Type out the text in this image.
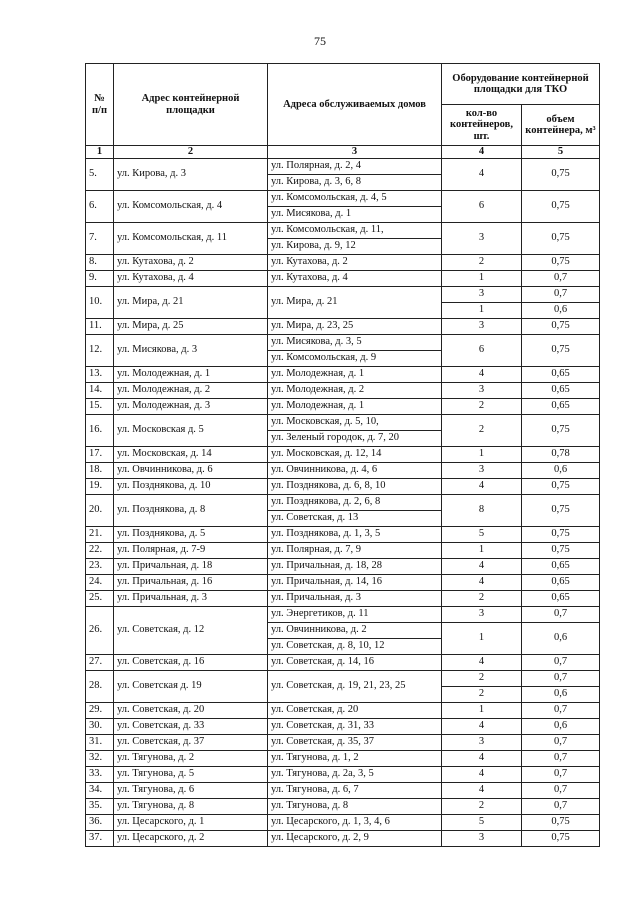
75
№ п/п	Адрес контейнерной площадки	Адреса обслуживаемых домов	Оборудование контейнерной площадки для ТКО	
			кол-во контейнеров, шт.	объем контейнера, м³
1	2	3	4	5
5.	ул. Кирова, д. 3	ул. Полярная, д. 2, 4	4	0,75
		ул. Кирова, д. 3, 6, 8		
6.	ул. Комсомольская, д. 4	ул. Комсомольская, д. 4, 5	6	0,75
		ул. Мисякова, д. 1		
7.	ул. Комсомольская, д. 11	ул. Комсомольская, д. 11,	3	0,75
		ул. Кирова, д. 9, 12		
8.	ул. Кутахова, д. 2	ул. Кутахова, д. 2	2	0,75
9.	ул. Кутахова, д. 4	ул. Кутахова, д. 4	1	0,7
10.	ул. Мира, д. 21	ул. Мира, д. 21	3	0,7
			1	0,6
11.	ул. Мира, д. 25	ул. Мира, д. 23, 25	3	0,75
12.	ул. Мисякова, д. 3	ул. Мисякова, д. 3, 5	6	0,75
		ул. Комсомольская, д. 9		
13.	ул. Молодежная, д. 1	ул. Молодежная, д. 1	4	0,65
14.	ул. Молодежная, д. 2	ул. Молодежная, д. 2	3	0,65
15.	ул. Молодежная, д. 3	ул. Молодежная, д. 1	2	0,65
16.	ул. Московская д. 5	ул. Московская, д. 5, 10,	2	0,75
		ул. Зеленый городок, д. 7, 20		
17.	ул. Московская, д. 14	ул. Московская, д. 12, 14	1	0,78
18.	ул. Овчинникова, д. 6	ул. Овчинникова, д. 4, 6	3	0,6
19.	ул. Позднякова, д. 10	ул. Позднякова, д. 6, 8, 10	4	0,75
20.	ул. Позднякова, д. 8	ул. Позднякова, д. 2, 6, 8	8	0,75
		ул. Советская, д. 13		
21.	ул. Позднякова, д. 5	ул. Позднякова, д. 1, 3, 5	5	0,75
22.	ул. Полярная, д. 7-9	ул. Полярная, д. 7, 9	1	0,75
23.	ул. Причальная, д. 18	ул. Причальная, д. 18, 28	4	0,65
24.	ул. Причальная, д. 16	ул. Причальная, д. 14, 16	4	0,65
25.	ул. Причальная, д. 3	ул. Причальная, д. 3	2	0,65
26.	ул. Советская, д. 12	ул. Энергетиков, д. 11	3	0,7
		ул. Овчинникова, д. 2	1	0,6
		ул. Советская, д. 8, 10, 12		
27.	ул. Советская, д. 16	ул. Советская, д. 14, 16	4	0,7
28.	ул. Советская д. 19	ул. Советская, д. 19, 21, 23, 25	2	0,7
			2	0,6
29.	ул. Советская, д. 20	ул. Советская, д. 20	1	0,7
30.	ул. Советская, д. 33	ул. Советская, д. 31, 33	4	0,6
31.	ул. Советская, д. 37	ул. Советская, д. 35, 37	3	0,7
32.	ул. Тягунова, д. 2	ул. Тягунова, д. 1, 2	4	0,7
33.	ул. Тягунова, д. 5	ул. Тягунова, д. 2а, 3, 5	4	0,7
34.	ул. Тягунова, д. 6	ул. Тягунова, д. 6, 7	4	0,7
35.	ул. Тягунова, д. 8	ул. Тягунова, д. 8	2	0,7
36.	ул. Цесарского, д. 1	ул. Цесарского, д. 1, 3, 4, 6	5	0,75
37.	ул. Цесарского, д. 2	ул. Цесарского, д. 2, 9	3	0,75
